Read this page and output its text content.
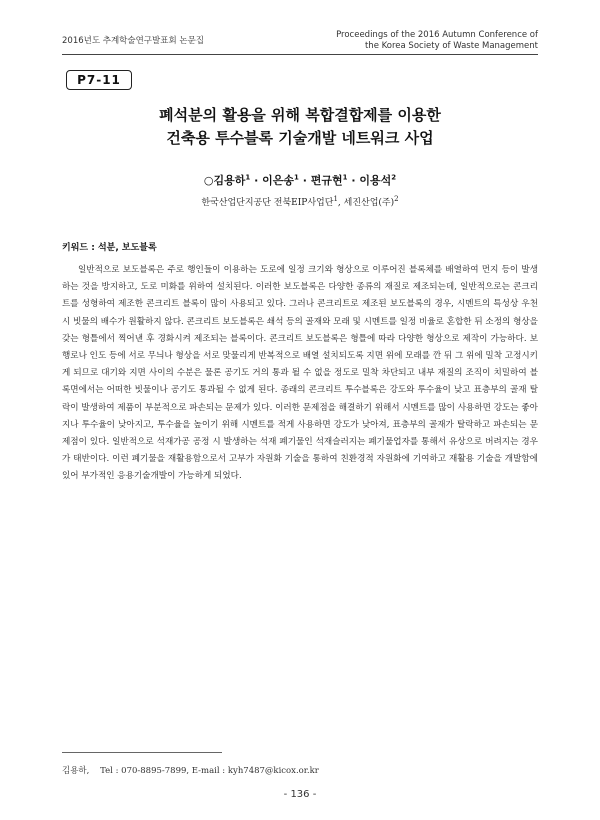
2016년도 추계학술연구발표회 논문집
Proceedings of the 2016 Autumn Conference of
the Korea Society of Waste Management
P7-11
폐석분의 활용을 위해 복합결합제를 이용한
건축용 투수블록 기술개발 네트워크 사업
○김용하$^1$ · 이은송$^1$ · 편규현$^1$ · 이용석$^2$
한국산업단지공단 전북EIP사업단$^1$, 세진산업(주)$^2$
키워드 : 석분, 보도블록

일반적으로 보도블록은 주로 행인들이 이용하는 도로에 일정 크기와 형상으로 이루어진 블록체를 배열하여 먼지 등이 발생하는 것을 방지하고, 도로 미화를 위하여 설치된다. 이러한 보도블록은 다양한 종류의 재질로 제조되는데, 일반적으로는 콘크리트를 성형하여 제조한 콘크리트 블록이 많이 사용되고 있다. 그러나 콘크리트로 제조된 보도블록의 경우, 시멘트의 특성상 우천 시 빗물의 배수가 원활하지 않다. 콘크리트 보도블록은 쇄석 등의 골재와 모래 및 시멘트를 일정 비율로 혼합한 뒤 소정의 형상을 갖는 형틀에서 찍어낸 후 경화시켜 제조되는 블록이다. 콘크리트 보도블록은 형틀에 따라 다양한 형상으로 제작이 가능하다. 보행로나 인도 등에 서로 무늬나 형상을 서로 맞물리게 반복적으로 배열 설치되도록 지면 위에 모래를 깐 뒤 그 위에 밀착 고정시키게 되므로 대기와 지면 사이의 수분은 물론 공기도 거의 통과 될 수 없을 정도로 밀착 차단되고 내부 재질의 조직이 치밀하여 블록면에서는 어떠한 빗물이나 공기도 통과될 수 없게 된다. 종래의 콘크리트 투수블록은 강도와 투수율이 낮고 표층부의 골재 탈락이 발생하여 제품이 부분적으로 파손되는 문제가 있다. 이러한 문제점을 해결하기 위해서 시멘트를 많이 사용하면 강도는 좋아지나 투수율이 낮아지고, 투수율을 높이기 위해 시멘트를 적게 사용하면 강도가 낮아져, 표층부의 골재가 탈락하고 파손되는 문제점이 있다. 일반적으로 석재가공 공정 시 발생하는 석재 폐기물인 석재슬러지는 폐기물업자를 통해서 유상으로 버려지는 경우가 태반이다. 이런 폐기물을 재활용함으로서 고부가 자원화 기술을 통하여 친환경적 자원화에 기여하고 재활용 기술을 개발함에 있어 부가적인 응용기술개발이 가능하게 되었다.

김용하,    Tel : 070-8895-7899, E-mail : kyh7487@kicox.or.kr
- 136 -
